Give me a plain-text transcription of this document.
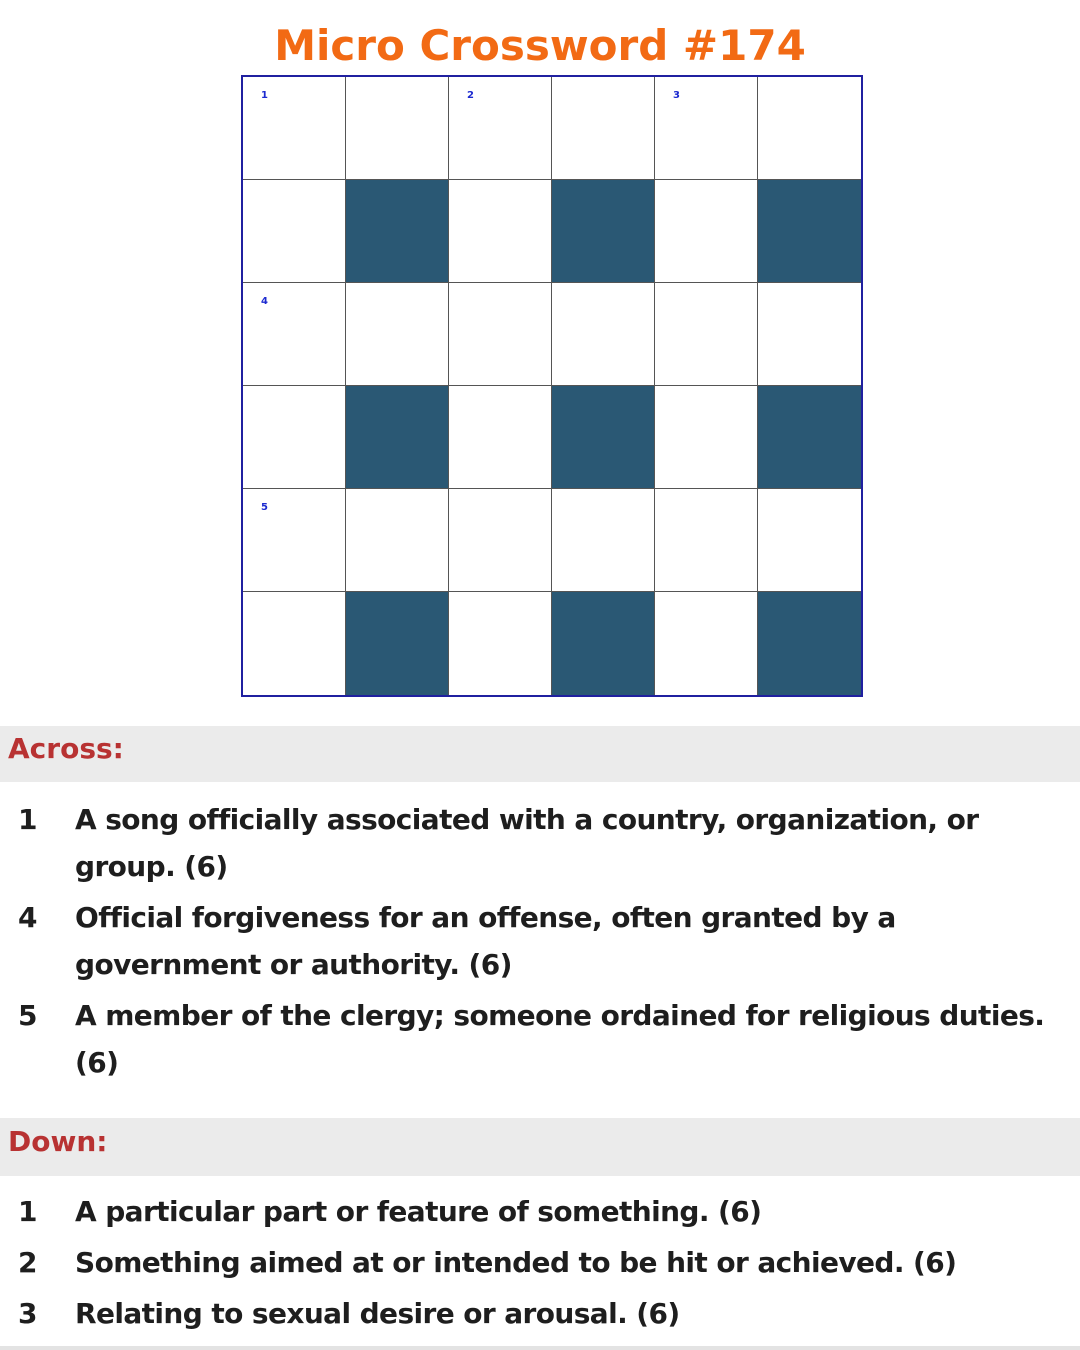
Micro Crossword #174
1	2	3
4
5
Across:
1	A song officially associated with a country, organization, or group. (6)
4	Official forgiveness for an offense, often granted by a government or authority. (6)
5	A member of the clergy; someone ordained for religious duties. (6)
Down:
1	A particular part or feature of something. (6)
2	Something aimed at or intended to be hit or achieved. (6)
3	Relating to sexual desire or arousal. (6)
